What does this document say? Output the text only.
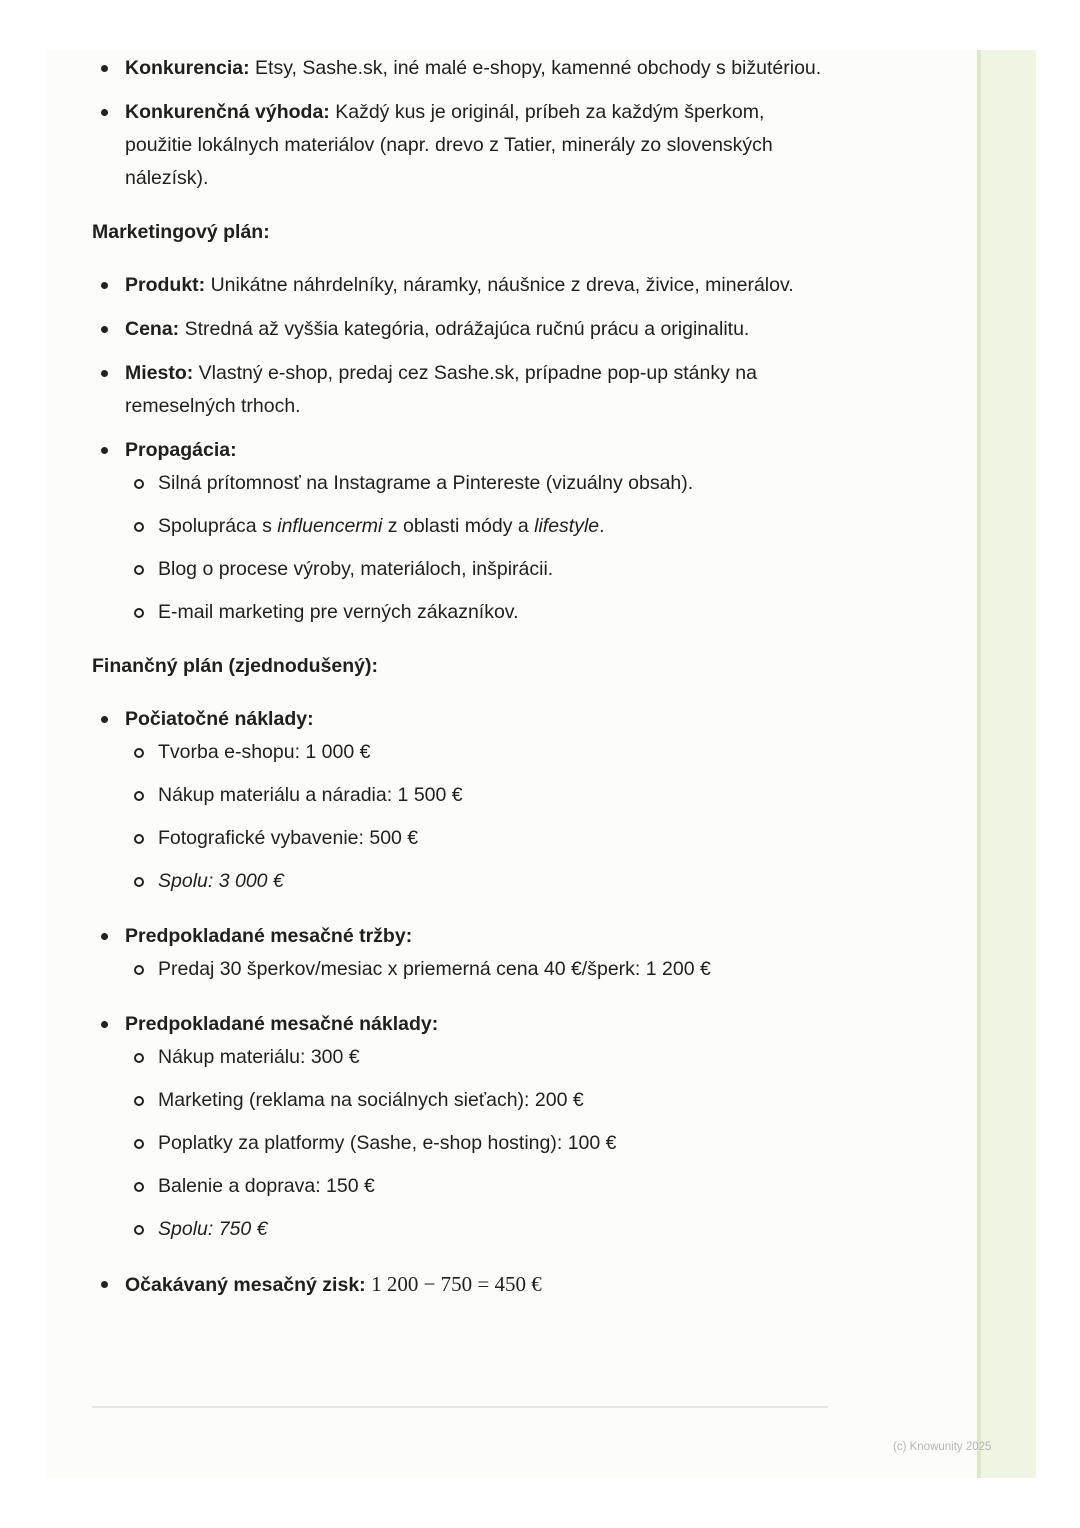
Konkurencia: Etsy, Sashe.sk, iné malé e-shopy, kamenné obchody s bižutériou.
Konkurenčná výhoda: Každý kus je originál, príbeh za každým šperkom, použitie lokálnych materiálov (napr. drevo z Tatier, minerály zo slovenských nálezísk).
Marketingový plán:
Produkt: Unikátne náhrdelníky, náramky, náušnice z dreva, živice, minerálov.
Cena: Stredná až vyššia kategória, odrážajúca ručnú prácu a originalitu.
Miesto: Vlastný e-shop, predaj cez Sashe.sk, prípadne pop-up stánky na remeselných trhoch.
Propagácia:
Silná prítomnosť na Instagrame a Pintereste (vizuálny obsah).
Spolupráca s influencermi z oblasti módy a lifestyle.
Blog o procese výroby, materiáloch, inšpirácii.
E-mail marketing pre verných zákazníkov.
Finančný plán (zjednodušený):
Počiatočné náklady:
Tvorba e-shopu: 1 000 €
Nákup materiálu a náradia: 1 500 €
Fotografické vybavenie: 500 €
Spolu: 3 000 €
Predpokladané mesačné tržby:
Predaj 30 šperkov/mesiac x priemerná cena 40 €/šperk: 1 200 €
Predpokladané mesačné náklady:
Nákup materiálu: 300 €
Marketing (reklama na sociálnych sieťach): 200 €
Poplatky za platformy (Sashe, e-shop hosting): 100 €
Balenie a doprava: 150 €
Spolu: 750 €
Očakávaný mesačný zisk: 1 200 − 750 = 450 €
(c) Knowunity 2025
